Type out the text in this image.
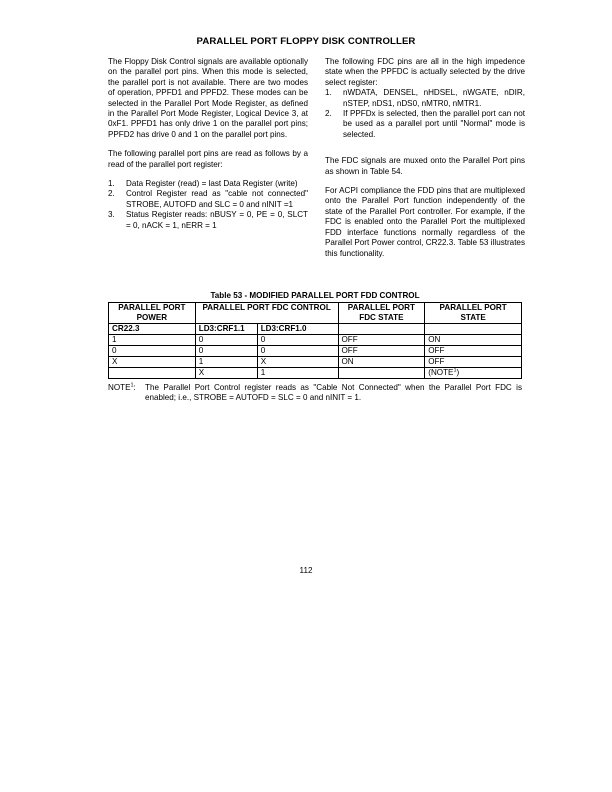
PARALLEL PORT FLOPPY DISK CONTROLLER

The Floppy Disk Control signals are available optionally on the parallel port pins. When this mode is selected, the parallel port is not available. There are two modes of operation, PPFD1 and PPFD2. These modes can be selected in the Parallel Port Mode Register, as defined in the Parallel Port Mode Register, Logical Device 3, at 0xF1. PPFD1 has only drive 1 on the parallel port pins; PPFD2 has drive 0 and 1 on the parallel port pins.

The following parallel port pins are read as follows by a read of the parallel port register:

1. Data Register (read) = last Data Register (write)
2. Control Register read as "cable not connected" STROBE, AUTOFD and SLC = 0 and nINIT =1
3. Status Register reads: nBUSY = 0, PE = 0, SLCT = 0, nACK = 1, nERR = 1

The following FDC pins are all in the high impedence state when the PPFDC is actually selected by the drive select register:

1. nWDATA, DENSEL, nHDSEL, nWGATE, nDIR, nSTEP, nDS1, nDS0, nMTR0, nMTR1.
2. If PPFDx is selected, then the parallel port can not be used as a parallel port until "Normal" mode is selected.

The FDC signals are muxed onto the Parallel Port pins as shown in Table 54.

For ACPI compliance the FDD pins that are multiplexed onto the Parallel Port function independently of the state of the Parallel Port controller. For example, if the FDC is enabled onto the Parallel Port the multiplexed FDD interface functions normally regardless of the Parallel Port Power control, CR22.3. Table 53 illustrates this functionality.

Table 53 - MODIFIED PARALLEL PORT FDD CONTROL
PARALLEL PORT POWER	PARALLEL PORT FDC CONTROL		PARALLEL PORT FDC STATE	PARALLEL PORT STATE
CR22.3	LD3:CRF1.1	LD3:CRF1.0		
1	0	0	OFF	ON
0	0	0	OFF	OFF
X	1	X	ON	OFF
	X	1		(NOTE$^1$)
NOTE$^1$: The Parallel Port Control register reads as "Cable Not Connected" when the Parallel Port FDC is enabled; i.e., STROBE = AUTOFD = SLC = 0 and nINIT = 1.
112
